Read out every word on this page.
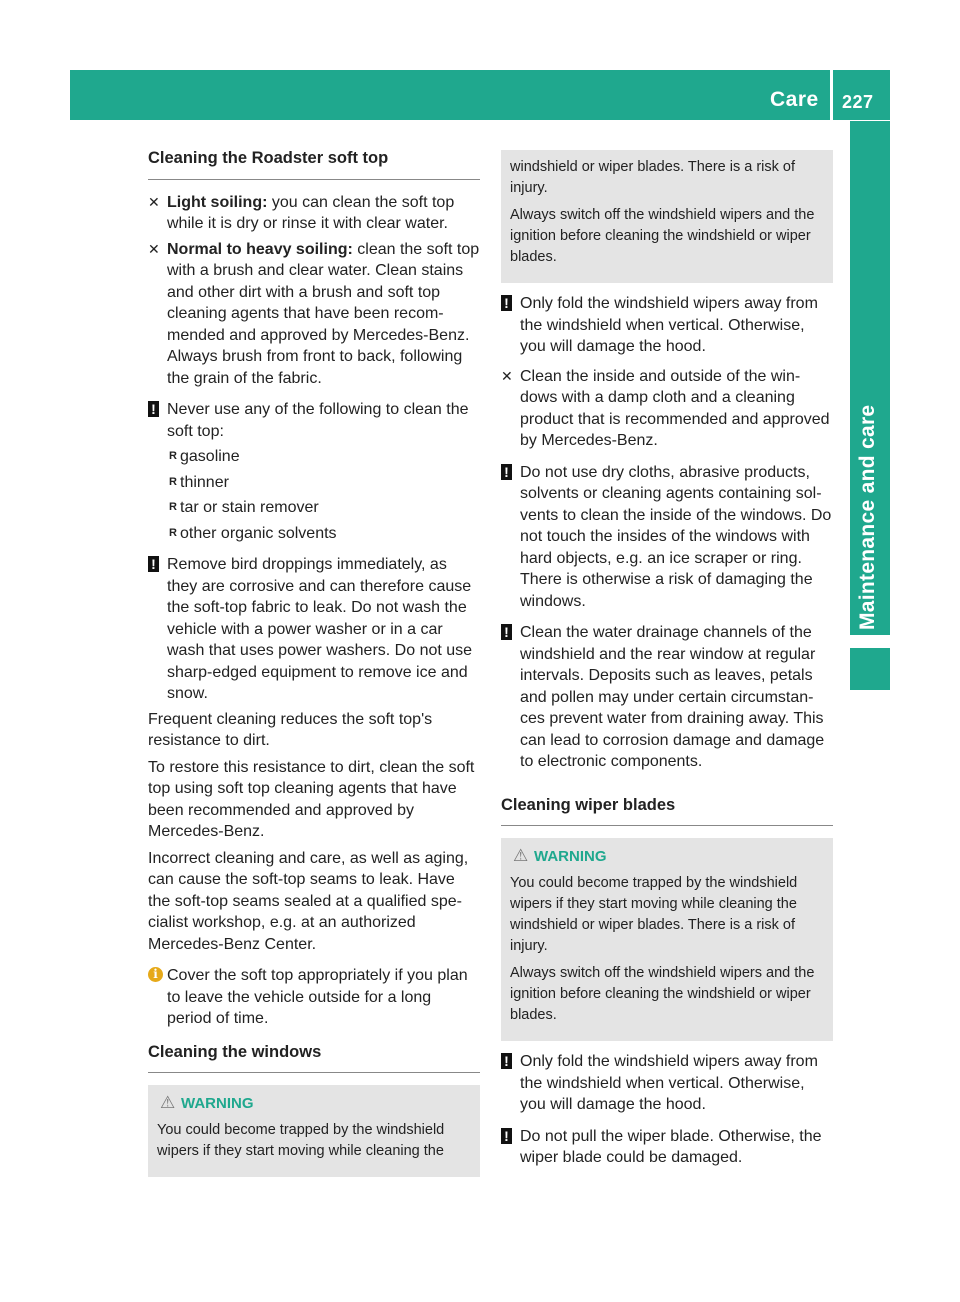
Care 227
Maintenance and care
Cleaning the Roadster soft top
✕ Light soiling: you can clean the soft top while it is dry or rinse it with clear water.
✕ Normal to heavy soiling: clean the soft top with a brush and clear water. Clean stains and other dirt with a brush and soft top cleaning agents that have been recom- mended and approved by Mercedes-Benz. Always brush from front to back, following the grain of the fabric.
! Never use any of the following to clean the soft top:
R gasoline
R thinner
R tar or stain remover
R other organic solvents
! Remove bird droppings immediately, as they are corrosive and can therefore cause the soft-top fabric to leak. Do not wash the vehicle with a power washer or in a car wash that uses power washers. Do not use sharp-edged equipment to remove ice and snow.

Frequent cleaning reduces the soft top's resistance to dirt.

To restore this resistance to dirt, clean the soft top using soft top cleaning agents that have been recommended and approved by Mercedes-Benz.

Incorrect cleaning and care, as well as aging, can cause the soft-top seams to leak. Have the soft-top seams sealed at a qualified spe- cialist workshop, e.g. at an authorized Mercedes-Benz Center.

i Cover the soft top appropriately if you plan to leave the vehicle outside for a long period of time.
Cleaning the windows
⚠ WARNING

You could become trapped by the windshield wipers if they start moving while cleaning the

windshield or wiper blades. There is a risk of injury.

Always switch off the windshield wipers and the ignition before cleaning the windshield or wiper blades.

! Only fold the windshield wipers away from the windshield when vertical. Otherwise, you will damage the hood.
✕ Clean the inside and outside of the win- dows with a damp cloth and a cleaning product that is recommended and approved by Mercedes-Benz.
! Do not use dry cloths, abrasive products, solvents or cleaning agents containing sol- vents to clean the inside of the windows. Do not touch the insides of the windows with hard objects, e.g. an ice scraper or ring. There is otherwise a risk of damaging the windows.
! Clean the water drainage channels of the windshield and the rear window at regular intervals. Deposits such as leaves, petals and pollen may under certain circumstan- ces prevent water from draining away. This can lead to corrosion damage and damage to electronic components.
Cleaning wiper blades
⚠ WARNING

You could become trapped by the windshield wipers if they start moving while cleaning the windshield or wiper blades. There is a risk of injury.

Always switch off the windshield wipers and the ignition before cleaning the windshield or wiper blades.

! Only fold the windshield wipers away from the windshield when vertical. Otherwise, you will damage the hood.
! Do not pull the wiper blade. Otherwise, the wiper blade could be damaged.
